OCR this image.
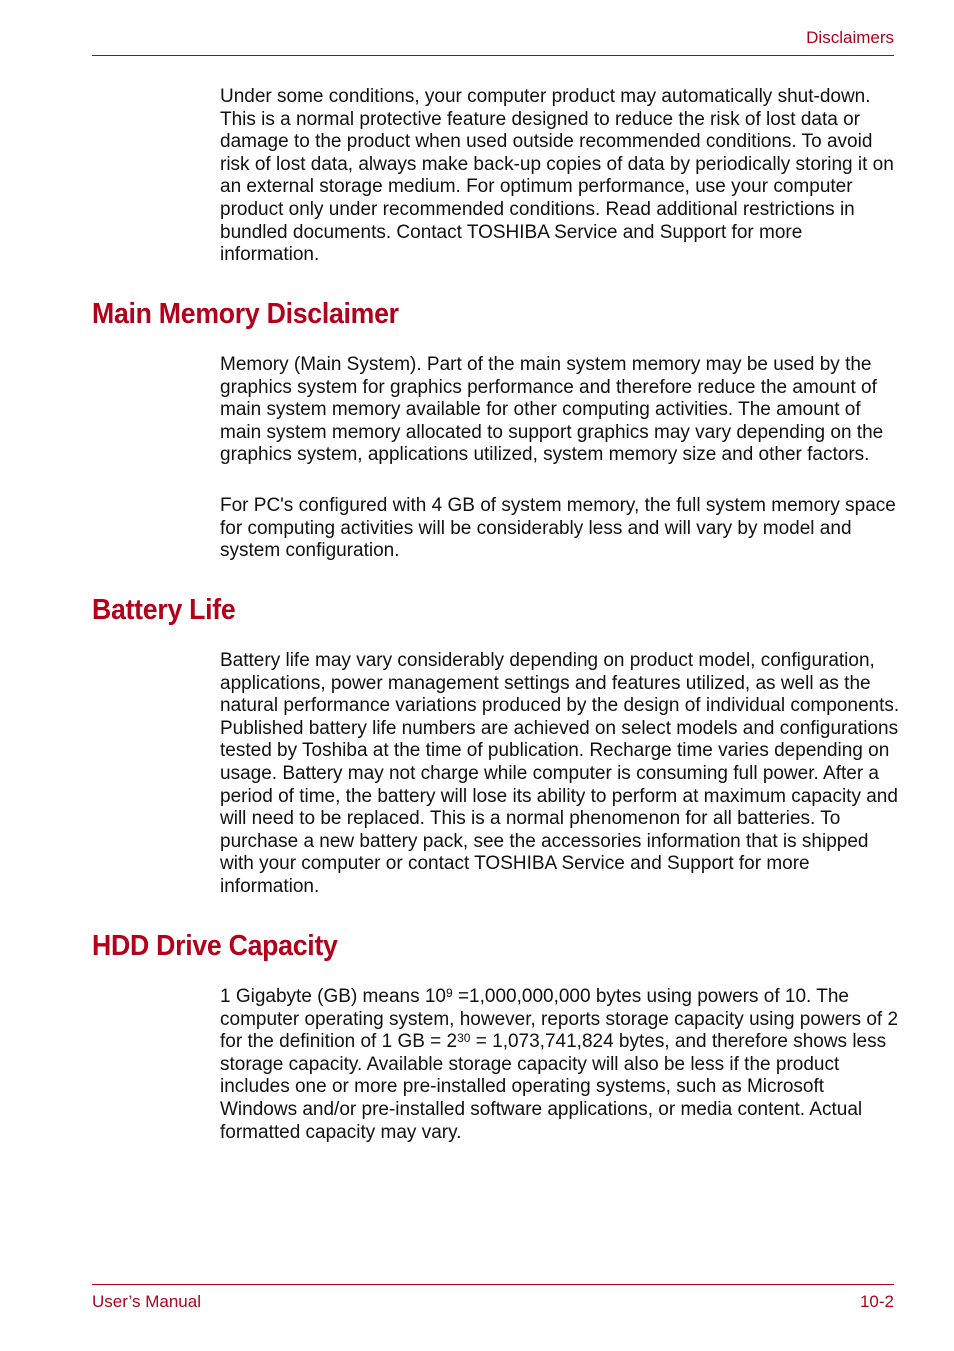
Disclaimers

Under some conditions, your computer product may automatically shut-down. This is a normal protective feature designed to reduce the risk of lost data or damage to the product when used outside recommended conditions. To avoid risk of lost data, always make back-up copies of data by periodically storing it on an external storage medium. For optimum performance, use your computer product only under recommended conditions. Read additional restrictions in bundled documents. Contact TOSHIBA Service and Support for more information.

Main Memory Disclaimer

Memory (Main System). Part of the main system memory may be used by the graphics system for graphics performance and therefore reduce the amount of main system memory available for other computing activities. The amount of main system memory allocated to support graphics may vary depending on the graphics system, applications utilized, system memory size and other factors.

For PC's configured with 4 GB of system memory, the full system memory space for computing activities will be considerably less and will vary by model and system configuration.

Battery Life

Battery life may vary considerably depending on product model, configuration, applications, power management settings and features utilized, as well as the natural performance variations produced by the design of individual components. Published battery life numbers are achieved on select models and configurations tested by Toshiba at the time of publication. Recharge time varies depending on usage. Battery may not charge while computer is consuming full power. After a period of time, the battery will lose its ability to perform at maximum capacity and will need to be replaced. This is a normal phenomenon for all batteries. To purchase a new battery pack, see the accessories information that is shipped with your computer or contact TOSHIBA Service and Support for more information.

HDD Drive Capacity

1 Gigabyte (GB) means $10^9 =1,000,000,000$ bytes using powers of 10. The computer operating system, however, reports storage capacity using powers of 2 for the definition of 1 GB = $2^{30} = 1,073,741,824$ bytes, and therefore shows less storage capacity. Available storage capacity will also be less if the product includes one or more pre-installed operating systems, such as Microsoft Windows and/or pre-installed software applications, or media content. Actual formatted capacity may vary.

User’s Manual	10-2
